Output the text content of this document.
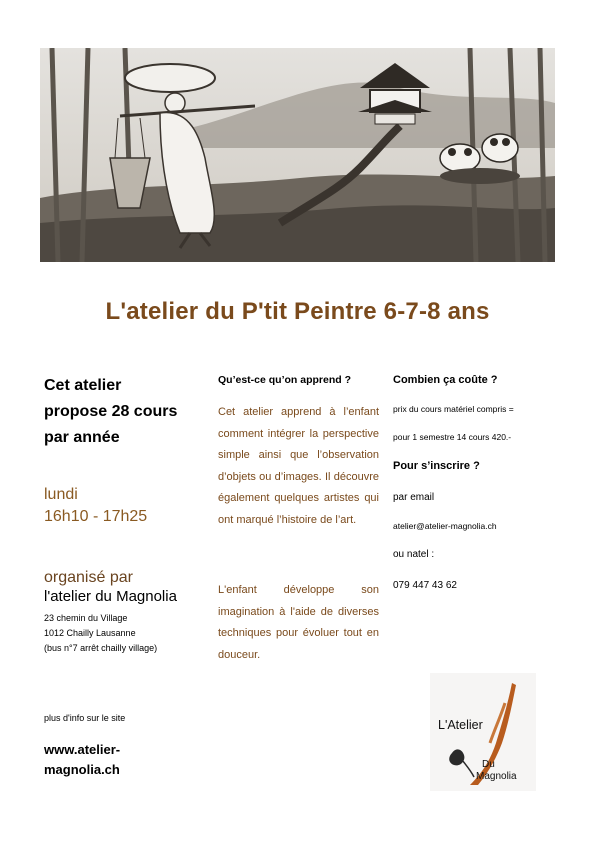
L'atelier du P'tit Peintre 6-7-8 ans
Cet atelier
propose 28 cours
par année
lundi
16h10 - 17h25
organisé par
l'atelier du Magnolia
23 chemin du Village
1012 Chailly Lausanne
(bus n°7 arrêt chailly village)
plus d'info sur le site
www.atelier-
magnolia.ch
Qu’est-ce qu’on apprend ?
Cet atelier apprend à l’enfant comment intégrer la perspective simple ainsi que l’observation d’objets ou d’images. Il découvre également quelques artistes qui ont marqué l’histoire de l’art.
L'enfant développe son imagination à l'aide de diverses techniques pour évoluer tout en douceur.
Combien ça coûte ?
prix du cours matériel compris =
pour 1 semestre 14 cours 420.-
Pour s’inscrire ?
par email
atelier@atelier-magnolia.ch
ou natel :
079 447 43 62
L'Atelier
Du
Magnolia
